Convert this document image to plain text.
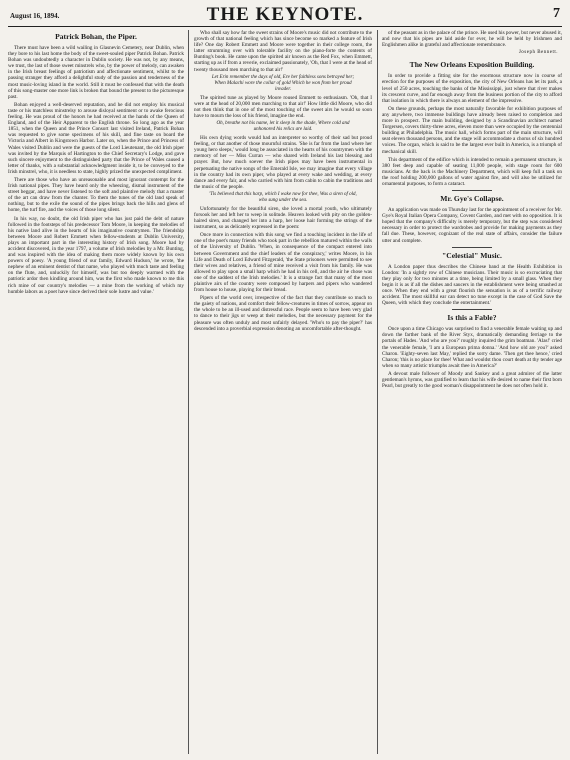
August 16, 1894.	THE KEYNOTE.	7
Patrick Bohan, the Piper.

There must have been a wild wailing in Glasnevin Cemetery, near Dublin, when they bore to his last home the body of the sweet-souled piper Patrick Bohan. Patrick Bohan was undoubtedly a character in Dublin society. He was not, by any means, we trust, the last of those sweet minstrels who, by the power of melody, can awaken in the Irish breast feelings of patriotism and affectionate sentiment, whilst to the passing stranger they afford a delightful study of the passion and tenderness of the most music-loving island in the world. Still it must be confessed that with the death of this song-master one more link is broken that bound the present to the picturesque past.

Bohan enjoyed a well-deserved reputation, and he did not employ his musical taste or his matchless minstrelsy to arouse disloyal sentiment or to awake ferocious feeling. He was proud of the honors he had received at the hands of the Queen of England, and of the Heir Apparent to the English throne. So long ago as the year 1851, when the Queen and the Prince Consort last visited Ireland, Patrick Bohan was requested to give some specimens of his skill, and fine taste on board the Victoria and Albert in Kingstown Harbor. Later on, when the Prince and Princess of Wales visited Dublin and were the guests of the Lord Lieutenant, the old Irish piper was invited by the Marquis of Hartington to the Chief Secretary's Lodge, and gave such sincere enjoyment to the distinguished party that the Prince of Wales caused a letter of thanks, with a substantial acknowledgment inside it, to be conveyed to the Irish minstrel, who, it is needless to state, highly prized the unexpected compliment.

There are those who have an unreasonable and most ignorant contempt for the Irish national pipes. They have heard only the wheezing, dismal instrument of the street beggar, and have never listened to the soft and plaintive melody that a master of the art can draw from the chanter. To them the tunes of the old land speak of nothing, but to the exile the sound of the pipes brings back the hills and glens of home, the turf fire, and the voices of those long silent.

In his way, no doubt, the old Irish piper who has just paid the debt of nature followed in the footsteps of his predecessor Tom Moore, in keeping the melodies of his native land alive in the hearts of his imaginative countrymen. The friendship between Moore and Robert Emmett when fellow-students at Dublin University, plays an important part in the interesting history of Irish song. Moore had by accident discovered, in the year 1797, a volume of Irish melodies by a Mr. Bunting, and was inspired with the idea of making them more widely known by his own powers of poesy. 'A young friend of our family, Edward Hudson,' he wrote, 'the nephew of an eminent dentist of that name, who played with much taste and feeling on the flute, and, unluckily for himself, was but too deeply warmed with the patriotic ardor then kindling around him, was the first who made known to me this rich mine of our country's melodies — a mine from the working of which my humble labors as a poet have since derived their sole lustre and value.'

Who shall say how far the sweet strains of Moore's music did not contribute to the growth of that national feeling which has since become so marked a feature of Irish life? One day Robert Emmett and Moore were together in their college room, the latter strumming over with tolerable facility on the piano-forte the contents of Bunting's book. He came upon the spirited air known as the Red Fox, when Emmett, starting up as if from a reverie, exclaimed passionately, 'Oh, that I were at the head of twenty thousand men marching to that air!'

Let Erin remember the days of old, Ere her faithless sons betrayed her; When Malachi wore the collar of gold Which he won from her proud invader.

The spirited tune as played by Moore roused Emmett to enthusiasm. 'Oh, that I were at the head of 20,000 men marching to that air!' How little did Moore, who did not then think that in one of the most touching of the sweet airs he would so soon have to mourn the loss of his friend, imagine the end.

Oh, breathe not his name, let it sleep in the shade, Where cold and unhonored his relics are laid.

His own dying words would had an interpreter so worthy of their sad but proud feeling, or that another of those mournful strains. 'She is far from the land where her young hero sleeps,' would long be associated in the hearts of his countrymen with the memory of her — Miss Curran — who shared with Ireland his last blessing and prayer. But, how much soever the Irish pipes may have been instrumental in perpetuating the native songs of the Emerald Isle, we may imagine that every village in the country had its own piper, who played at every wake and wedding, at every dance and every fair, and who carried with him from cabin to cabin the traditions and the music of the people.

'Tis believed that this harp, which I wake now for thee, Was a siren of old, who sung under the sea.

Unfortunately for the beautiful siren, she loved a mortal youth, who ultimately forsook her and left her to weep in solitude. Heaven looked with pity on the golden-haired siren, and changed her into a harp, her loose hair forming the strings of the instrument, so as delicately expressed in the poem:

Once more in connection with this song we find a touching incident in the life of one of the poet's many friends who took part in the rebellion matured within the walls of the University of Dublin. 'When, in consequence of the compact entered into between Government and the chief leaders of the conspiracy,' writes Moore, in his Life and Death of Lord Edward Fitzgerald, 'the State prisoners were permitted to see their wives and relatives, a friend of mine received a visit from his family. He was allowed to play upon a small harp which he had in his cell, and the air he chose was one of the saddest of the Irish melodies.' It is a strange fact that many of the most plaintive airs of the country were composed by harpers and pipers who wandered from house to house, playing for their bread.

Pipers of the world over, irrespective of the fact that they contribute so much to the gaiety of nations, and comfort their fellow-creatures in times of sorrow, appear on the whole to be an ill-used and distressful race. People seem to have been very glad to dance to their jigs or weep at their melodies, but the necessary payment for the pleasure was often unduly and most unfairly delayed. 'Who's to pay the piper?' has descended into a proverbial expression denoting an uncomfortable after-thought.

of the peasant as in the palace of the prince. He used his power, but never abused it, and now that his pipes are laid aside for ever, he will be held by Irishmen and Englishmen alike in grateful and affectionate remembrance.

Joseph Bennett.
The New Orleans Exposition Building.

In order to provide a fitting site for the enormous structure now in course of erection for the purposes of the exposition, the city of New Orleans has let its park, a level of 250 acres, touching the banks of the Mississippi, just where that river makes its crescent curve, and far enough away from the business portion of the city to afford that isolation in which there is always an element of the impressive.

On these grounds, perhaps the most naturally favorable for exhibition purposes of any anywhere, two immense buildings have already been raised to completion and more in prospect. The main building, designed by a Scandinavian architect named Torgersen, covers thirty-three acres, eleven more than were occupied by the centennial building at Philadelphia. The music hall, which forms part of the main structure, will seat eleven thousand persons, and the stage will accommodate a chorus of six hundred voices. The organ, which is said to be the largest ever built in America, is a triumph of mechanical skill.

This department of the edifice which is intended to remain a permanent structure, is 380 feet deep and capable of seating 11,000 people, with stage room for 600 musicians. At the back is the Machinery Department, which will keep full a tank on the roof holding 200,000 gallons of water against fire, and will also be utilized for ornamental purposes, to form a cataract.

Mr. Gye's Collapse.

An application was made on Thursday last for the appointment of a receiver for Mr. Gye's Royal Italian Opera Company, Covent Garden, and met with no opposition. It is hoped that the company's difficulty is merely temporary, but the step was considered necessary in order to protect the wardrobes and provide for making payments as they fall due. These, however, cognizant of the real state of affairs, consider the failure utter and complete.

"Celestial" Music.

A London paper thus describes the Chinese band at the Health Exhibition in London: 'In a sightly row of Chinese musicians. Their music is so excruciating that they play only for two minutes at a time, being limited by a small glass. When they begin it is as if all the dishes and saucers in the establishment were being smashed at once. When they end with a great flourish the sensation is as of a terrific railway accident. The most skillful ear can detect no tune except in the case of God Save the Queen, with which they conclude the entertainment.'

Is this a Fable?

Once upon a time Chicago was surprised to find a venerable female waiting up and down the farther bank of the River Styx, dramatically demanding ferriage to the portals of Hades. 'And who are you?' roughly inquired the grim boatman. 'Alas!' cried the venerable female, 'I am a European prima donna.' 'And how old are you?' asked Charon. 'Eighty-seven last May,' replied the sorry dame. 'Then get thee hence,' cried Charon; 'this is no place for thee! What and wouldst thou court death at thy tender age when so many artistic triumphs await thee in America?'

A devout male follower of Moody and Sankey and a great admirer of the latter gentleman's hymns, was gratified to learn that his wife desired to name their first born Pearl, but greatly to the good woman's disappointment he does not often hold it.
